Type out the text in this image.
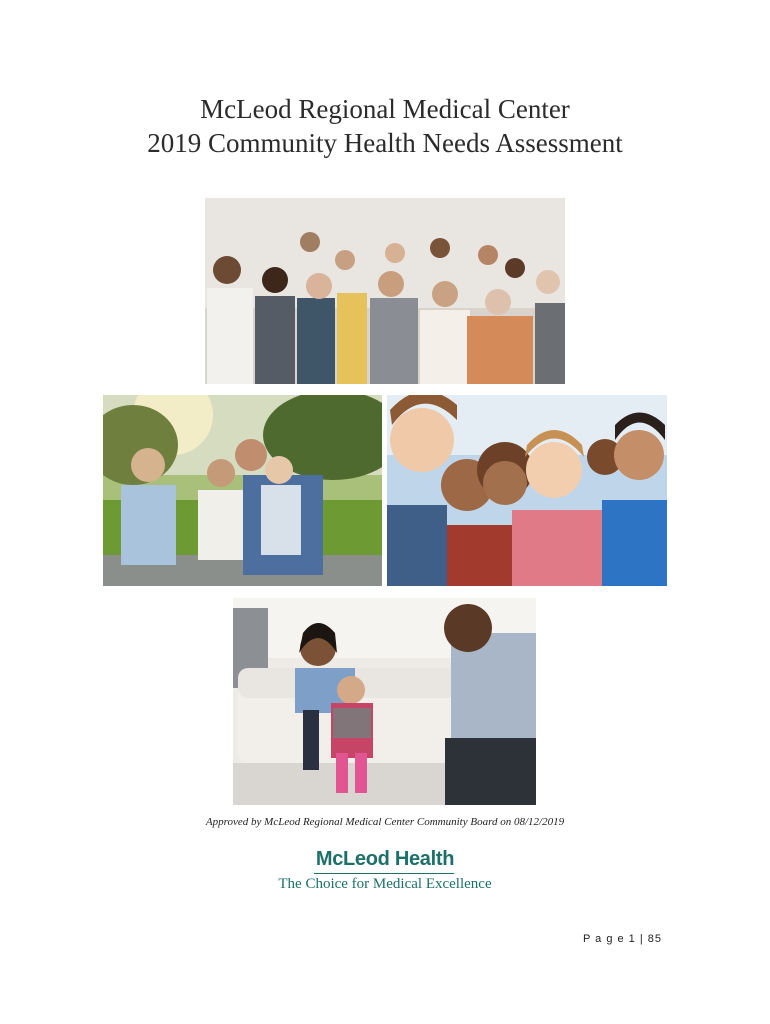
McLeod Regional Medical Center
2019 Community Health Needs Assessment
Approved by McLeod Regional Medical Center Community Board on 08/12/2019
McLeod Health
The Choice for Medical Excellence
P a g e 1 | 85
